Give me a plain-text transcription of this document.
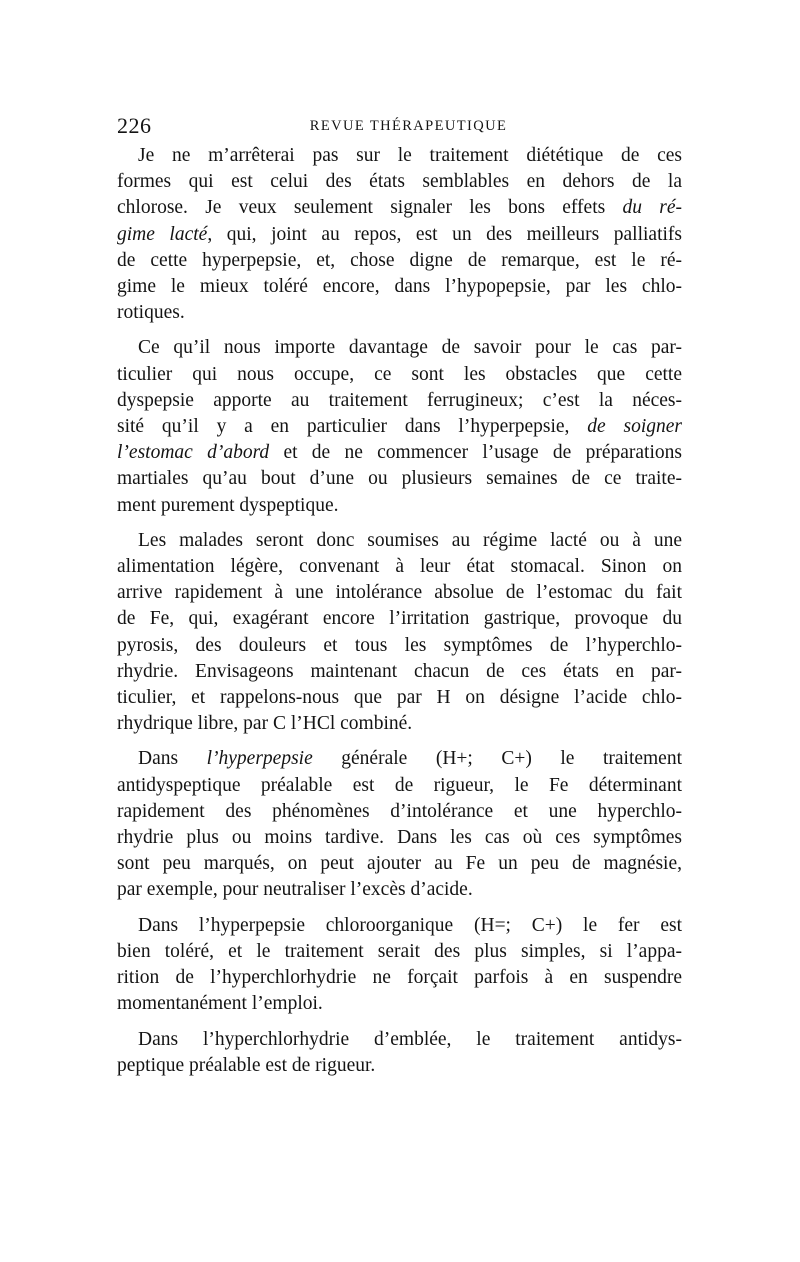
226	REVUE THÉRAPEUTIQUE
Je ne m’arrêterai pas sur le traitement diététique de ces
formes qui est celui des états semblables en dehors de la
chlorose. Je veux seulement signaler les bons effets du ré-
gime lacté, qui, joint au repos, est un des meilleurs palliatifs
de cette hyperpepsie, et, chose digne de remarque, est le ré-
gime le mieux toléré encore, dans l’hypopepsie, par les chlo-
rotiques.
Ce qu’il nous importe davantage de savoir pour le cas par-
ticulier qui nous occupe, ce sont les obstacles que cette
dyspepsie apporte au traitement ferrugineux; c’est la néces-
sité qu’il y a en particulier dans l’hyperpepsie, de soigner
l’estomac d’abord et de ne commencer l’usage de préparations
martiales qu’au bout d’une ou plusieurs semaines de ce traite-
ment purement dyspeptique.
Les malades seront donc soumises au régime lacté ou à une
alimentation légère, convenant à leur état stomacal. Sinon on
arrive rapidement à une intolérance absolue de l’estomac du fait
de Fe, qui, exagérant encore l’irritation gastrique, provoque du
pyrosis, des douleurs et tous les symptômes de l’hyperchlo-
rhydrie. Envisageons maintenant chacun de ces états en par-
ticulier, et rappelons-nous que par H on désigne l’acide chlo-
rhydrique libre, par C l’HCl combiné.
Dans l’hyperpepsie générale (H+; C+) le traitement
antidyspeptique préalable est de rigueur, le Fe déterminant
rapidement des phénomènes d’intolérance et une hyperchlo-
rhydrie plus ou moins tardive. Dans les cas où ces symptômes
sont peu marqués, on peut ajouter au Fe un peu de magnésie,
par exemple, pour neutraliser l’excès d’acide.
Dans l’hyperpepsie chloroorganique (H=; C+) le fer est
bien toléré, et le traitement serait des plus simples, si l’appa-
rition de l’hyperchlorhydrie ne forçait parfois à en suspendre
momentanément l’emploi.
Dans l’hyperchlorhydrie d’emblée, le traitement antidys-
peptique préalable est de rigueur.
